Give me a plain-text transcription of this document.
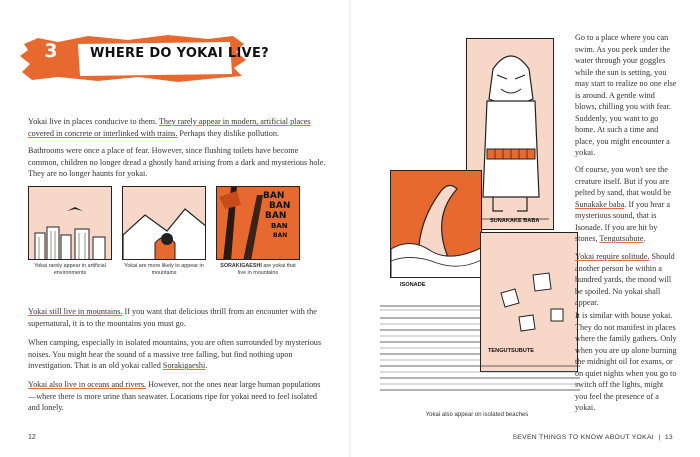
3	WHERE DO YOKAI LIVE?

Yokai live in places conducive to them. They rarely appear in modern, artificial places covered in concrete or interlinked with trains. Perhaps they dislike pollution.

Bathrooms were once a place of fear. However, since flushing toilets have become common, children no longer dread a ghostly hand arising from a dark and mysterious hole. They are no longer haunts for yokai.

Yokai rarely appear in artificial environments
Yokai are more likely to appear in mountains
BAN
BAN
BAN
BAN
BAN
SORAKIGAESHI are yokai that live in mountains

Yokai still live in mountains. If you want that delicious thrill from an encounter with the supernatural, it is to the mountains you must go.

When camping, especially in isolated mountains, you are often surrounded by mysterious noises. You might hear the sound of a massive tree falling, but find nothing upon investigation. That is an old yokai called Sorakigaeshi.

Yokai also live in oceans and rivers. However, not the ones near large human populations—where there is more urine than seawater. Locations ripe for yokai need to feel isolated and lonely.

12
SUNAKAKE BABA
ISONADE
TENGUTSUBUTE
Yokai also appear on isolated beaches

Go to a place where you can swim. As you peek under the water through your goggles while the sun is setting, you may start to realize no one else is around. A gentle wind blows, chilling you with fear. Suddenly, you want to go home. At such a time and place, you might encounter a yokai.

Of course, you won't see the creature itself. But if you are pelted by sand, that would be Sunakake baba. If you hear a mysterious sound, that is Isonade. If you are hit by stones, Tengutsubute.

Yokai require solitude. Should another person be within a hundred yards, the mood will be spoiled. No yokai shall appear.

It is similar with house yokai. They do not manifest in places where the family gathers. Only when you are up alone burning the midnight oil for exams, or on quiet nights when you go to switch off the lights, might you feel the presence of a yokai.

SEVEN THINGS TO KNOW ABOUT YOKAI  |  13
